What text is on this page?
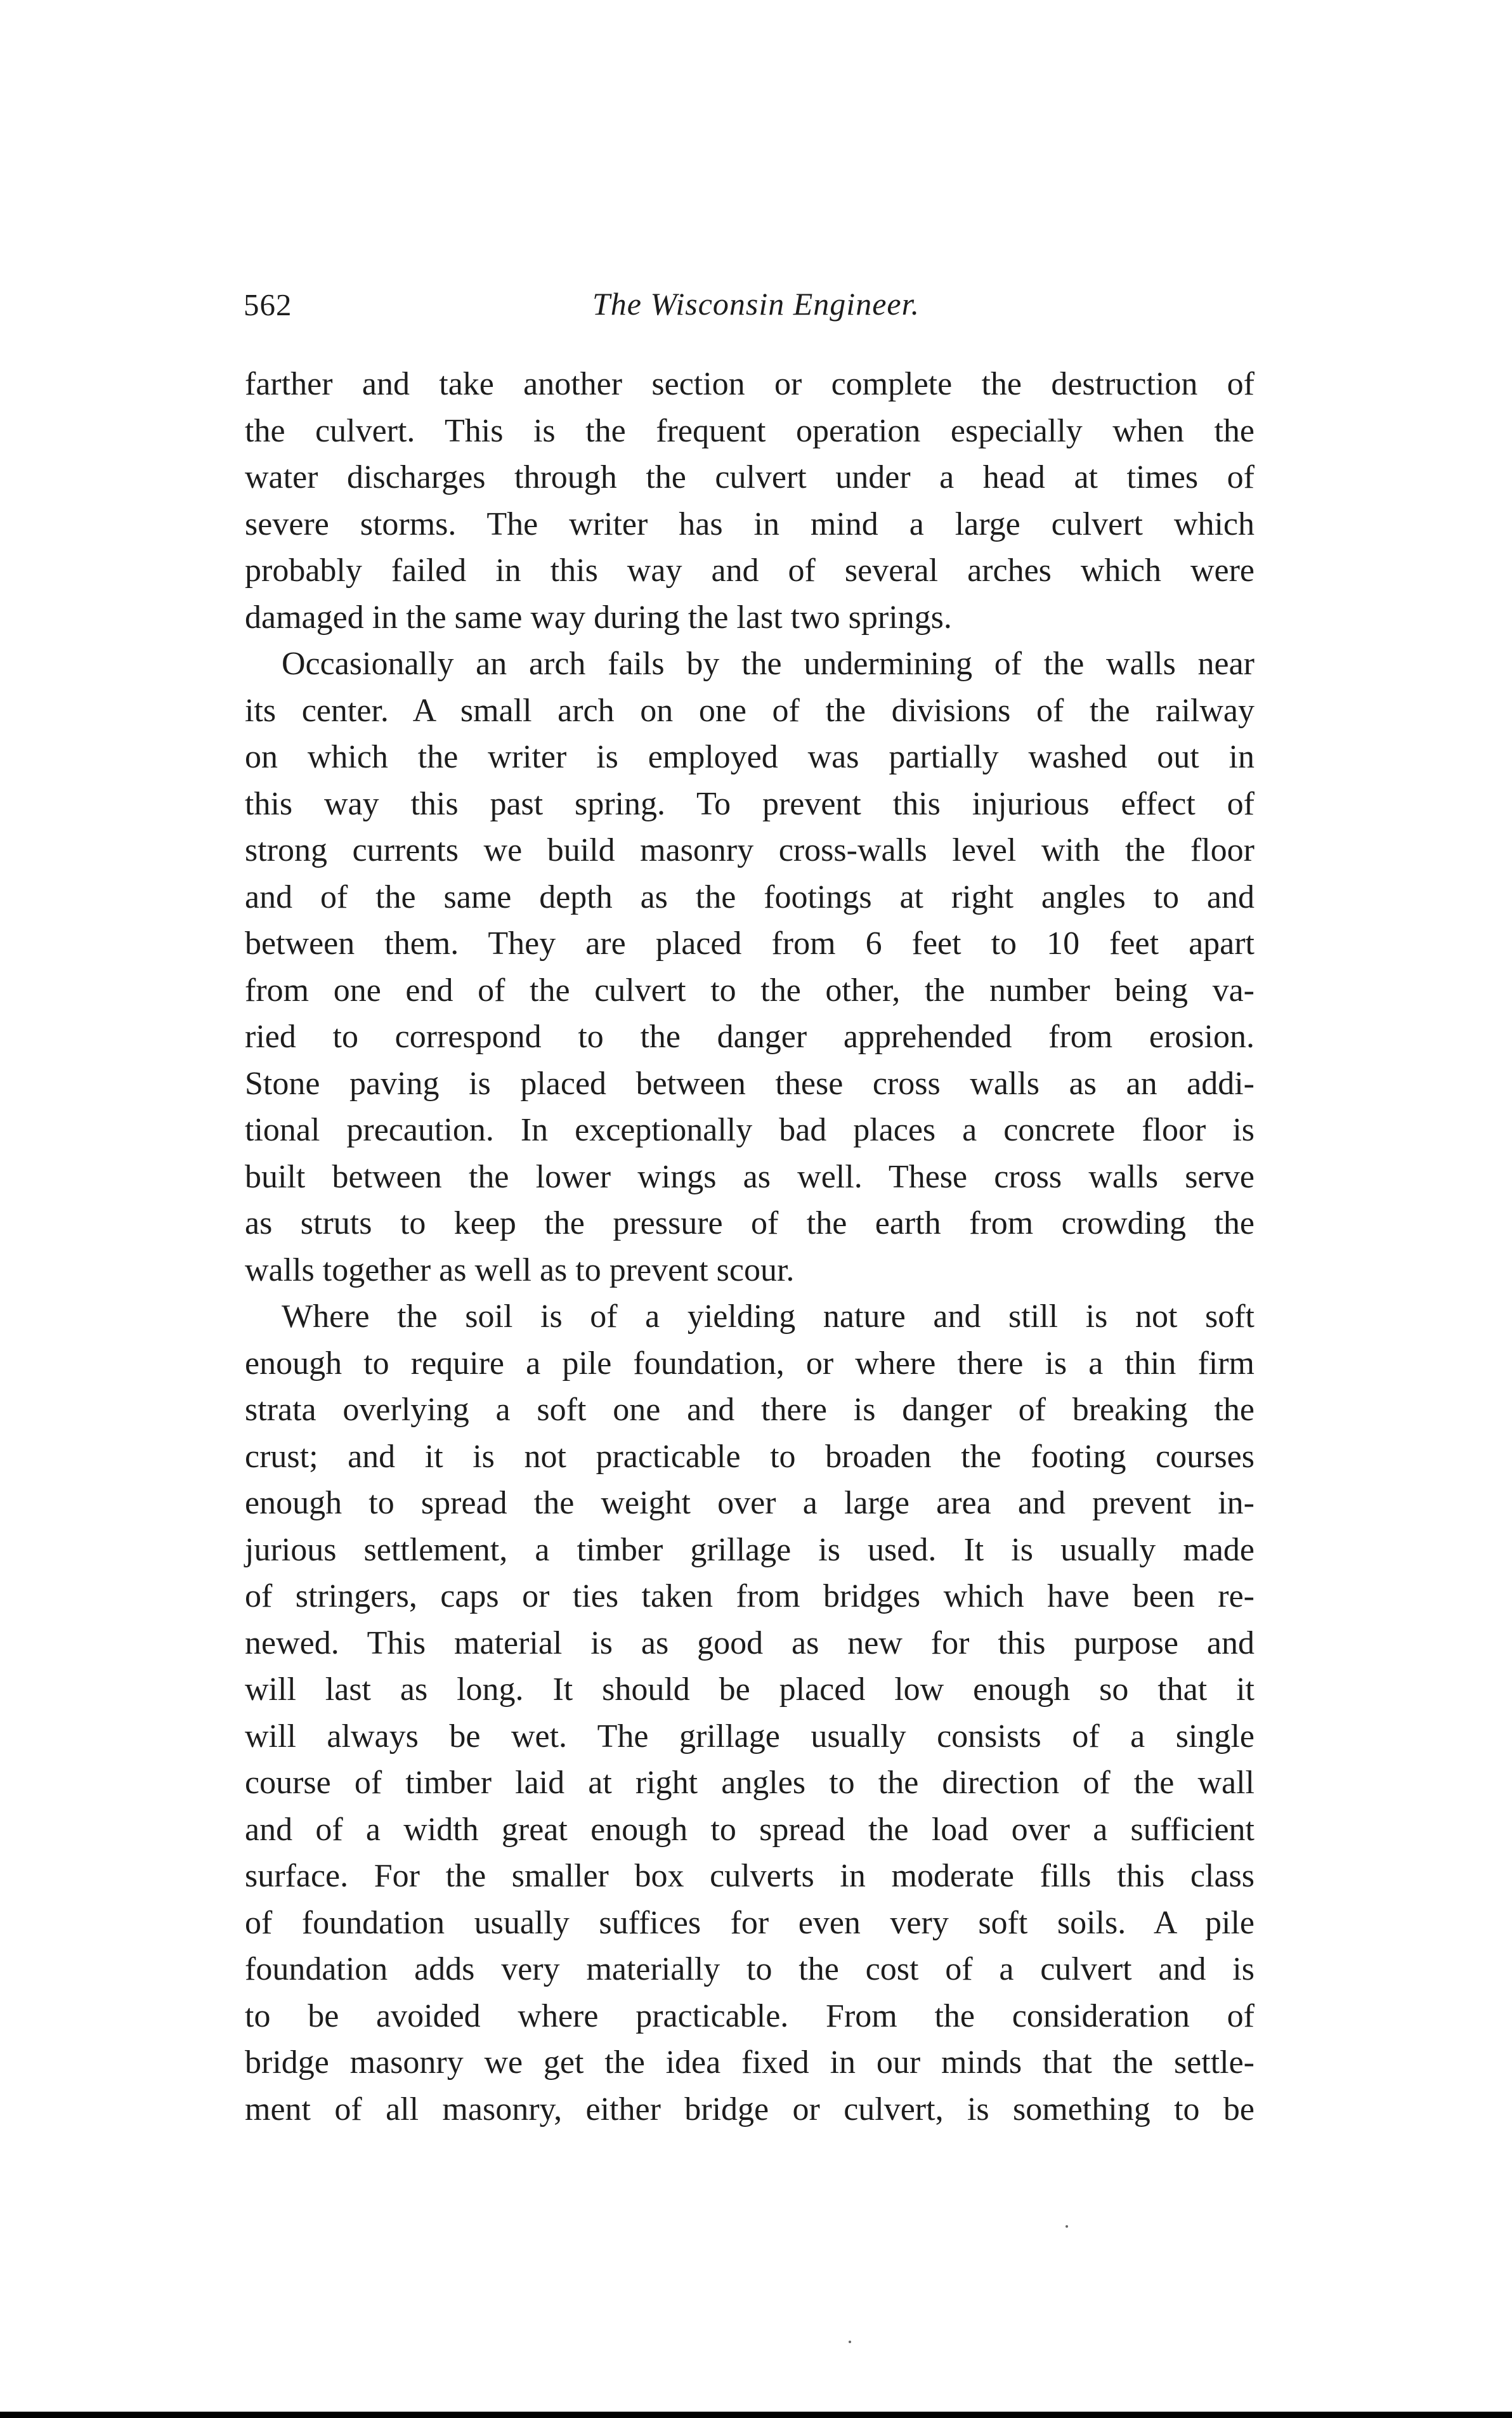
562	The Wisconsin Engineer.
farther and take another section or complete the destruction of
the culvert. This is the frequent operation especially when the
water discharges through the culvert under a head at times of
severe storms. The writer has in mind a large culvert which
probably failed in this way and of several arches which were
damaged in the same way during the last two springs.
Occasionally an arch fails by the undermining of the walls near
its center. A small arch on one of the divisions of the railway
on which the writer is employed was partially washed out in
this way this past spring. To prevent this injurious effect of
strong currents we build masonry cross-walls level with the floor
and of the same depth as the footings at right angles to and
between them. They are placed from 6 feet to 10 feet apart
from one end of the culvert to the other, the number being va-
ried to correspond to the danger apprehended from erosion.
Stone paving is placed between these cross walls as an addi-
tional precaution. In exceptionally bad places a concrete floor is
built between the lower wings as well. These cross walls serve
as struts to keep the pressure of the earth from crowding the
walls together as well as to prevent scour.
Where the soil is of a yielding nature and still is not soft
enough to require a pile foundation, or where there is a thin firm
strata overlying a soft one and there is danger of breaking the
crust; and it is not practicable to broaden the footing courses
enough to spread the weight over a large area and prevent in-
jurious settlement, a timber grillage is used. It is usually made
of stringers, caps or ties taken from bridges which have been re-
newed. This material is as good as new for this purpose and
will last as long. It should be placed low enough so that it
will always be wet. The grillage usually consists of a single
course of timber laid at right angles to the direction of the wall
and of a width great enough to spread the load over a sufficient
surface. For the smaller box culverts in moderate fills this class
of foundation usually suffices for even very soft soils. A pile
foundation adds very materially to the cost of a culvert and is
to be avoided where practicable. From the consideration of
bridge masonry we get the idea fixed in our minds that the settle-
ment of all masonry, either bridge or culvert, is something to be
